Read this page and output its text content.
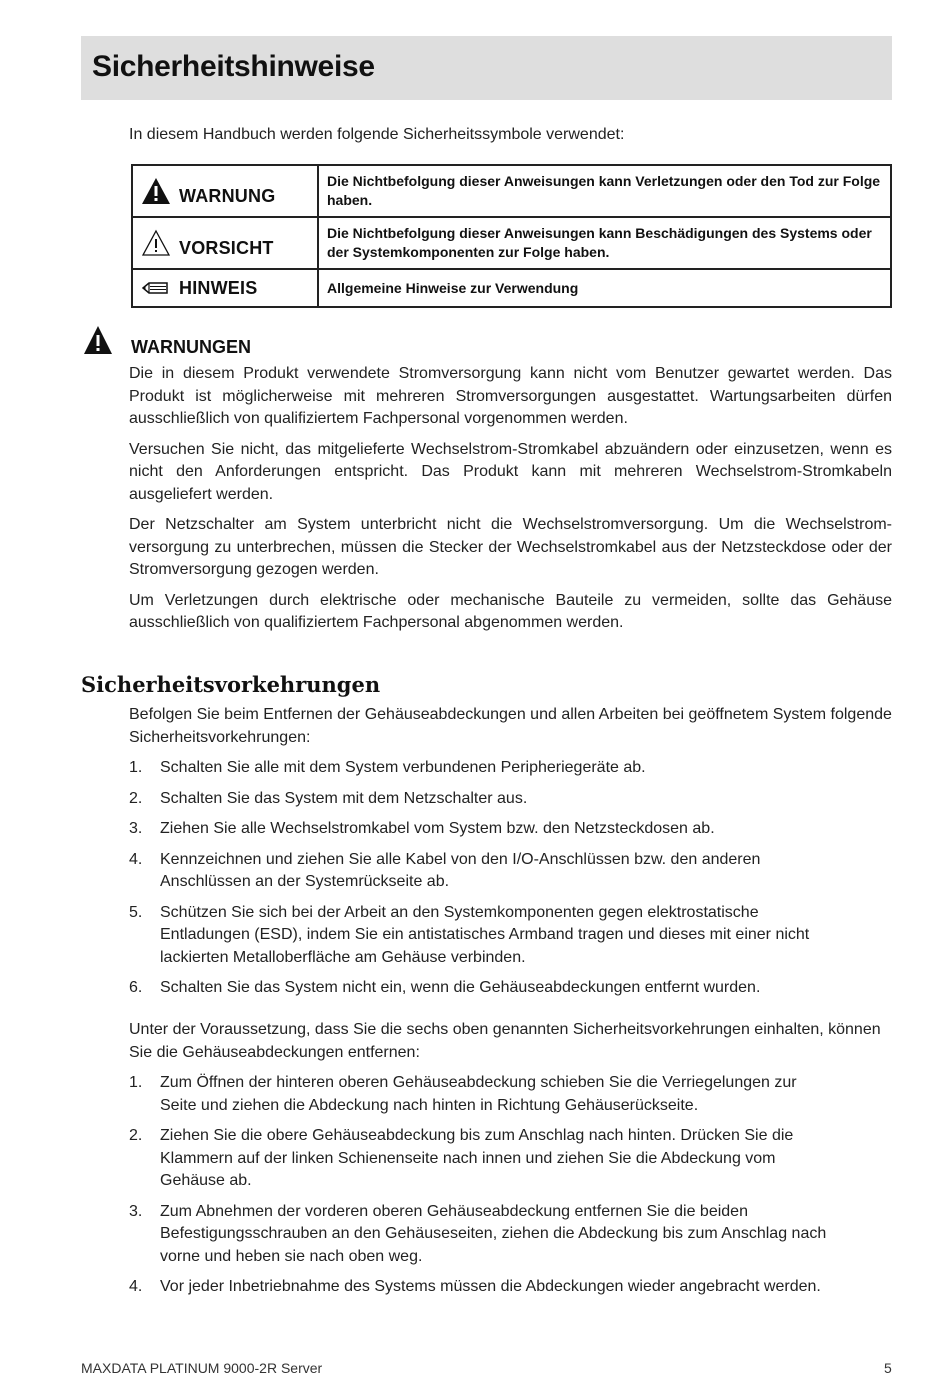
Sicherheitshinweise
In diesem Handbuch werden folgende Sicherheitssymbole verwendet:
WARNUNG	Die Nichtbefolgung dieser Anweisungen kann Verletzungen oder den Tod zur Folge haben.

VORSICHT	Die Nichtbefolgung dieser Anweisungen kann Beschädigungen des Systems oder der Systemkomponenten zur Folge haben.

HINWEIS	Allgemeine Hinweise zur Verwendung
WARNUNGEN

Die in diesem Produkt verwendete Stromversorgung kann nicht vom Benutzer gewartet werden. Das Produkt ist möglicherweise mit mehreren Stromversorgungen ausgestattet. Wartungsarbeiten dürfen ausschließlich von qualifiziertem Fachpersonal vorgenommen werden.

Versuchen Sie nicht, das mitgelieferte Wechselstrom-Stromkabel abzuändern oder einzusetzen, wenn es nicht den Anforderungen entspricht. Das Produkt kann mit mehreren Wechselstrom-Stromkabeln ausgeliefert werden.

Der Netzschalter am System unterbricht nicht die Wechselstromversorgung. Um die Wechselstrom-versorgung zu unterbrechen, müssen die Stecker der Wechselstromkabel aus der Netzsteckdose oder der Stromversorgung gezogen werden.

Um Verletzungen durch elektrische oder mechanische Bauteile zu vermeiden, sollte das Gehäuse ausschließlich von qualifiziertem Fachpersonal abgenommen werden.

Sicherheitsvorkehrungen
Befolgen Sie beim Entfernen der Gehäuseabdeckungen und allen Arbeiten bei geöffnetem System folgende Sicherheitsvorkehrungen:
1. Schalten Sie alle mit dem System verbundenen Peripheriegeräte ab.
2. Schalten Sie das System mit dem Netzschalter aus.
3. Ziehen Sie alle Wechselstromkabel vom System bzw. den Netzsteckdosen ab.
4. Kennzeichnen und ziehen Sie alle Kabel von den I/O-Anschlüssen bzw. den anderen Anschlüssen an der Systemrückseite ab.
5. Schützen Sie sich bei der Arbeit an den Systemkomponenten gegen elektrostatische Entladungen (ESD), indem Sie ein antistatisches Armband tragen und dieses mit einer nicht lackierten Metalloberfläche am Gehäuse verbinden.
6. Schalten Sie das System nicht ein, wenn die Gehäuseabdeckungen entfernt wurden.
Unter der Voraussetzung, dass Sie die sechs oben genannten Sicherheitsvorkehrungen einhalten, können Sie die Gehäuseabdeckungen entfernen:
1. Zum Öffnen der hinteren oberen Gehäuseabdeckung schieben Sie die Verriegelungen zur Seite und ziehen die Abdeckung nach hinten in Richtung Gehäuserückseite.
2. Ziehen Sie die obere Gehäuseabdeckung bis zum Anschlag nach hinten. Drücken Sie die Klammern auf der linken Schienenseite nach innen und ziehen Sie die Abdeckung vom Gehäuse ab.
3. Zum Abnehmen der vorderen oberen Gehäuseabdeckung entfernen Sie die beiden Befestigungsschrauben an den Gehäuseseiten, ziehen die Abdeckung bis zum Anschlag nach vorne und heben sie nach oben weg.
4. Vor jeder Inbetriebnahme des Systems müssen die Abdeckungen wieder angebracht werden.
MAXDATA PLATINUM 9000-2R Server	5
